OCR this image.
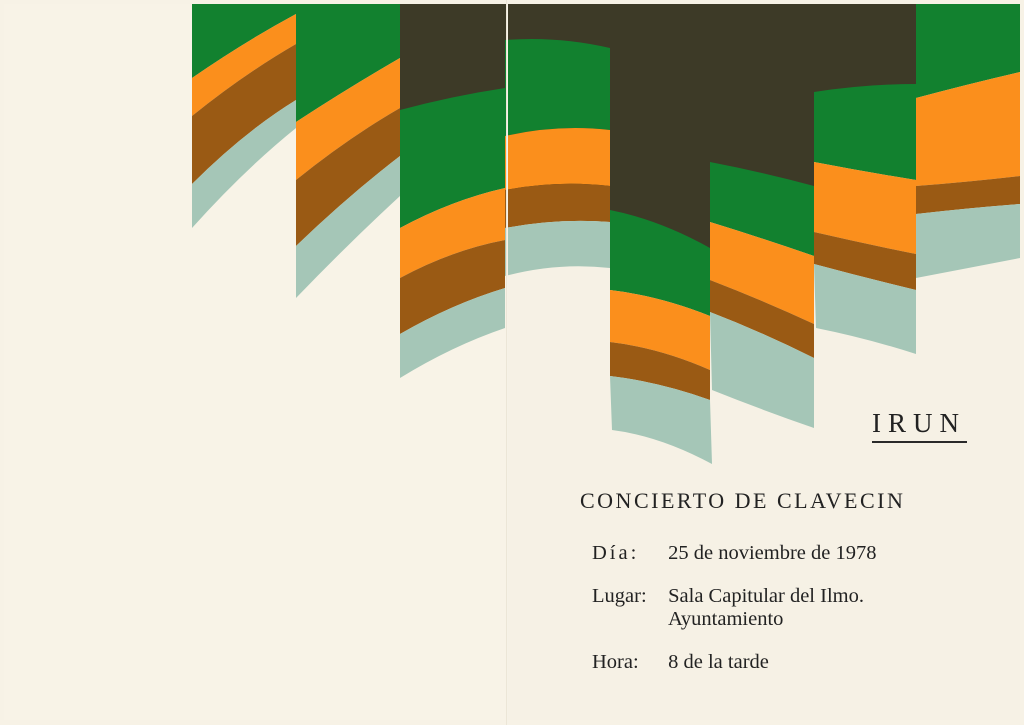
IRUN
CONCIERTO DE CLAVECIN
Día: 25 de noviembre de 1978
Lugar: Sala Capitular del Ilmo.
Ayuntamiento
Hora: 8 de la tarde
